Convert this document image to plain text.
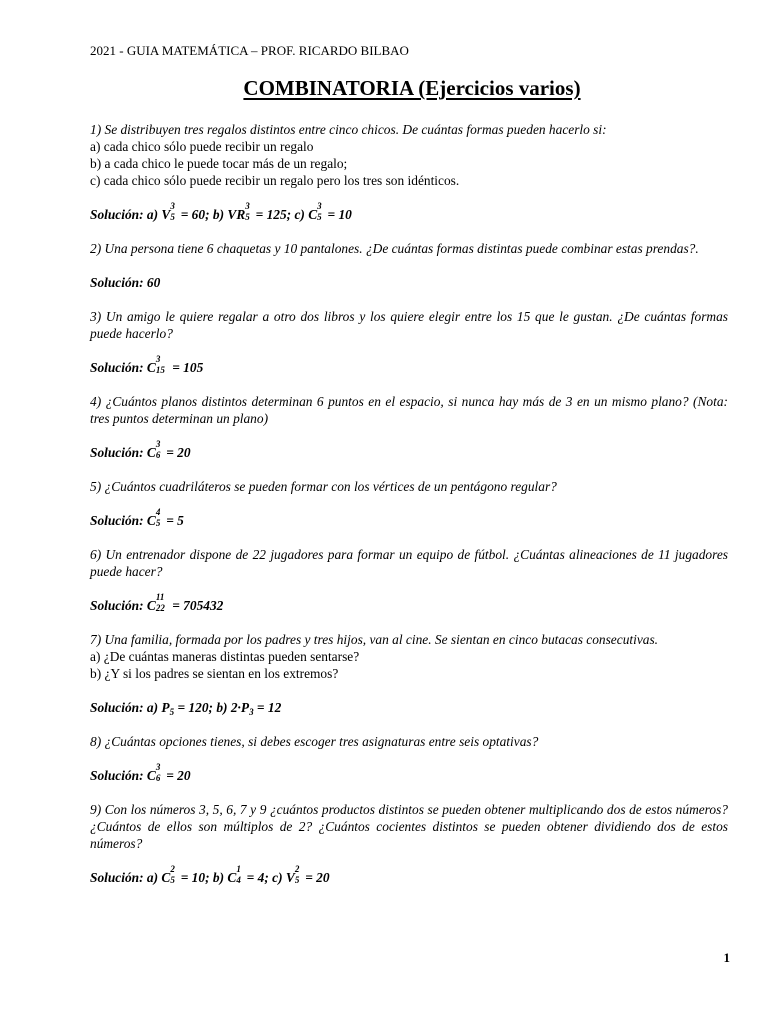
2021 - GUIA MATEMÁTICA – PROF. RICARDO BILBAO
COMBINATORIA (Ejercicios varios)

1) Se distribuyen tres regalos distintos entre cinco chicos. De cuántas formas pueden hacerlo si:

a) cada chico sólo puede recibir un regalo

b) a cada chico le puede tocar más de un regalo;

c) cada chico sólo puede recibir un regalo pero los tres son idénticos.

Solución: a) V
3
5 = 60; b) VR
3
5 = 125; c) C
3
5 = 10

2) Una persona tiene 6 chaquetas y 10 pantalones. ¿De cuántas formas distintas puede combinar estas prendas?.

Solución: 60

3) Un amigo le quiere regalar a otro dos libros y los quiere elegir entre los 15 que le gustan. ¿De cuántas formas puede hacerlo?

Solución: C
3
15 = 105

4) ¿Cuántos planos distintos determinan 6 puntos en el espacio, si nunca hay más de 3 en un mismo plano? (Nota: tres puntos determinan un plano)

Solución: C
3
6 = 20

5) ¿Cuántos cuadriláteros se pueden formar con los vértices de un pentágono regular?

Solución: C
4
5 = 5

6) Un entrenador dispone de 22 jugadores para formar un equipo de fútbol. ¿Cuántas alineaciones de 11 jugadores puede hacer?

Solución: C
11
22 = 705432

7) Una familia, formada por los padres y tres hijos, van al cine. Se sientan en cinco butacas consecutivas.

a) ¿De cuántas maneras distintas pueden sentarse?

b) ¿Y si los padres se sientan en los extremos?

Solución: a) $P_5 = 120$; b) $2\cdot P_3 = 12$

8) ¿Cuántas opciones tienes, si debes escoger tres asignaturas entre seis optativas?

Solución: C
3
6 = 20

9) Con los números 3, 5, 6, 7 y 9 ¿cuántos productos distintos se pueden obtener multiplicando dos de estos números? ¿Cuántos de ellos son múltiplos de 2? ¿Cuántos cocientes distintos se pueden obtener dividiendo dos de estos números?

Solución: a) C
2
5 = 10; b) C
1
4 = 4; c) V
2
5 = 20

1
